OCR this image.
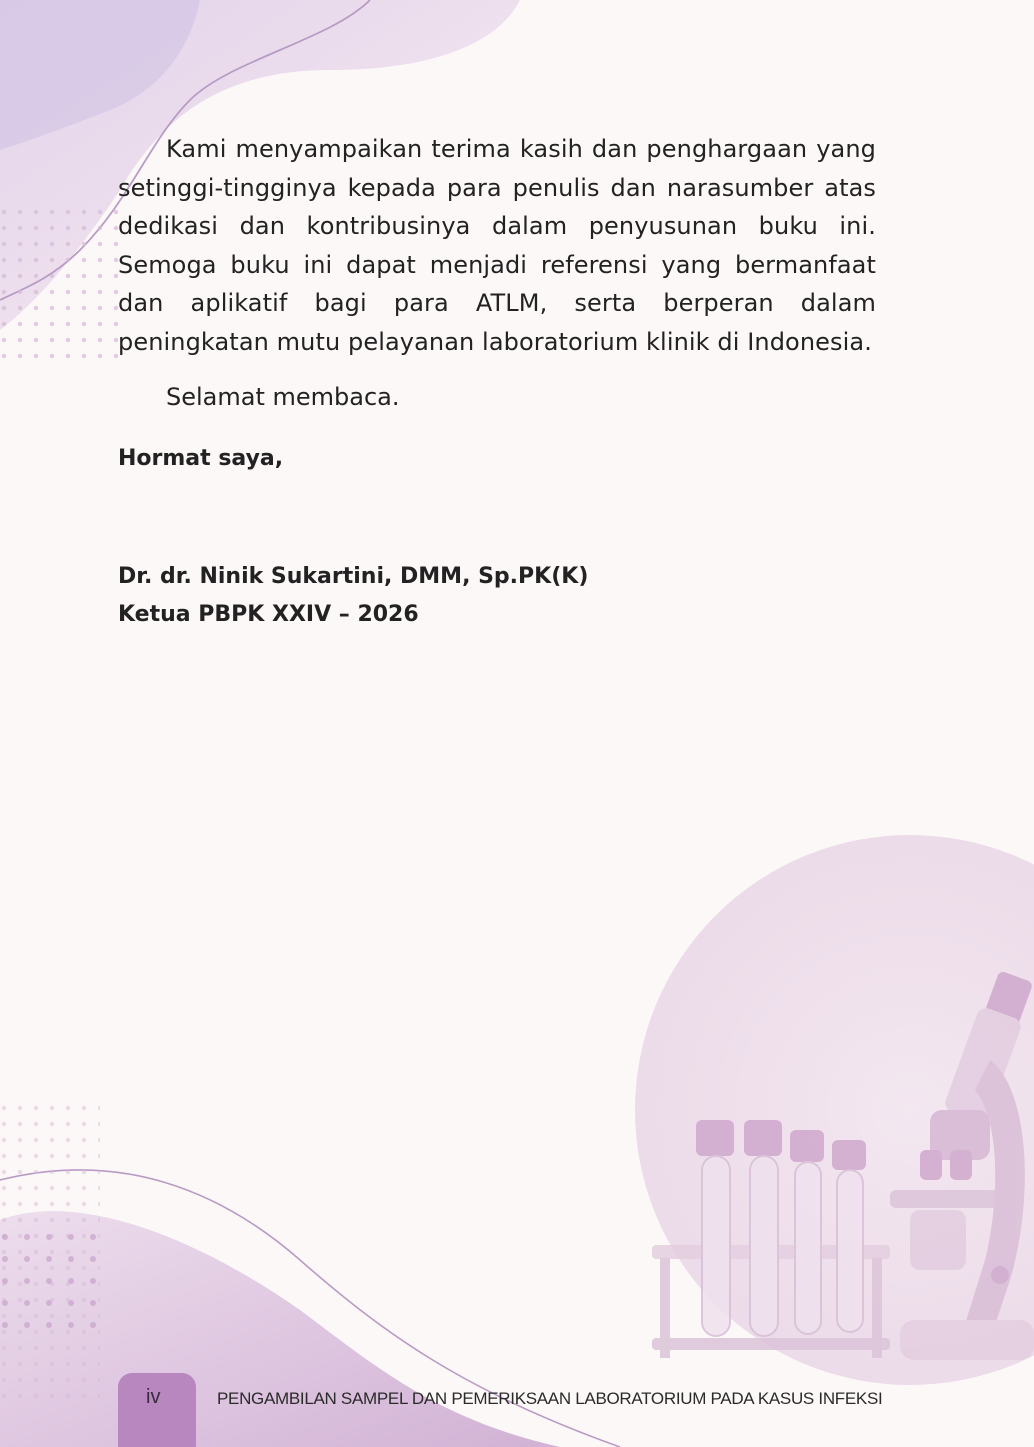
Kami menyampaikan terima kasih dan penghargaan yang setinggi-tingginya kepada para penulis dan narasumber atas dedikasi dan kontribusinya dalam penyusunan buku ini. Semoga buku ini dapat menjadi referensi yang bermanfaat dan aplikatif bagi para ATLM, serta berperan dalam peningkatan mutu pelayanan laboratorium klinik di Indonesia.

Selamat membaca.
Hormat saya,
Dr. dr. Ninik Sukartini, DMM, Sp.PK(K)
Ketua PBPK XXIV – 2026
iv	PENGAMBILAN SAMPEL DAN PEMERIKSAAN LABORATORIUM PADA KASUS INFEKSI
